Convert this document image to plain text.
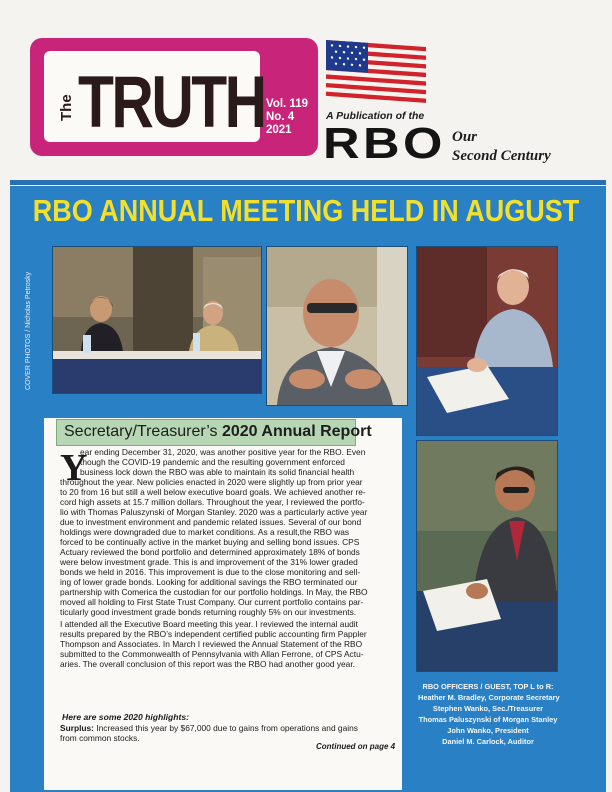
The TRUTH Vol. 119
No. 4
2021
A Publication of the
RBO Our
Second Century
RBO ANNUAL MEETING HELD IN AUGUST
COVER PHOTOS / Nicholas Petrosky
Secretary/Treasurer’s 2020 Annual Report
Y
ear ending December 31, 2020, was another positive year for the RBO. Even
though the COVID-19 pandemic and the resulting government enforced
business lock down the RBO was able to maintain its solid financial health
throughout the year. New policies enacted in 2020 were slightly up from prior year
to 20 from 16 but still a well below executive board goals. We achieved another re-
cord high assets at 15.7 million dollars. Throughout the year, I reviewed the portfo-
lio with Thomas Paluszynski of Morgan Stanley. 2020 was a particularly active year
due to investment environment and pandemic related issues. Several of our bond
holdings were downgraded due to market conditions. As a result,the RBO was
forced to be continually active in the market buying and selling bond issues. CPS
Actuary reviewed the bond portfolio and determined approximately 18% of bonds
were below investment grade. This is and improvement of the 31% lower graded
bonds we held in 2016. This improvement is due to the close monitoring and sell-
ing of lower grade bonds. Looking for additional savings the RBO terminated our
partnership with Comerica the custodian for our portfolio holdings. In May, the RBO
moved all holding to First State Trust Company. Our current portfolio contains par-
ticularly good investment grade bonds returning roughly 5% on our investments.
I attended all the Executive Board meeting this year. I reviewed the internal audit
results prepared by the RBO’s independent certified public accounting firm Pappler
Thompson and Associates. In March I reviewed the Annual Statement of the RBO
submitted to the Commonwealth of Pennsylvania with Allan Ferrone, of CPS Actu-
aries. The overall conclusion of this report was the RBO had another good year.
Here are some 2020 highlights:
Surplus: Increased this year by $67,000 due to gains from operations and gains
from common stocks.
Continued on page 4
RBO OFFICERS / GUEST, TOP L to R:
Heather M. Bradley, Corporate Secretary
Stephen Wanko, Sec./Treasurer
Thomas Paluszynski of Morgan Stanley
John Wanko, President
Daniel M. Carlock, Auditor
